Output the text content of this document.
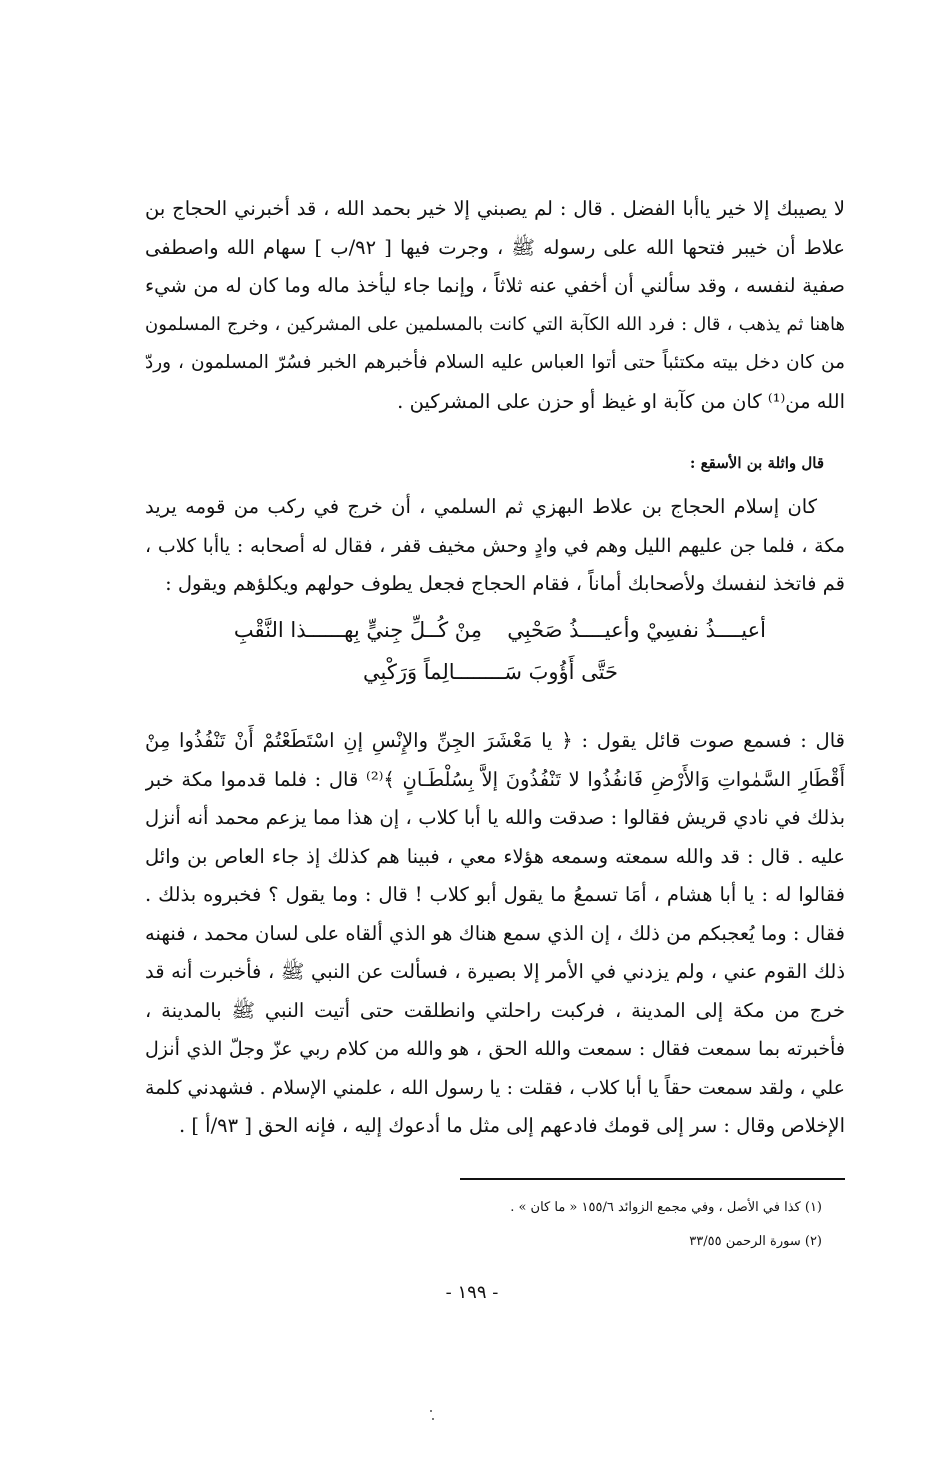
لا يصيبك إلا خير ياأبا الفضل . قال : لم يصبني إلا خير بحمد الله ، قد أخبرني الحجاج بن
علاط أن خيبر فتحها الله على رسوله ﷺ ، وجرت فيها [ ٩٢/ب ] سهام الله واصطفى
صفية لنفسه ، وقد سألني أن أخفي عنه ثلاثاً ، وإنما جاء ليأخذ ماله وما كان له من شيء
هاهنا ثم يذهب ، قال : فرد الله الكآبة التي كانت بالمسلمين على المشركين ، وخرج المسلمون
من كان دخل بيته مكتئباً حتى أتوا العباس عليه السلام فأخبرهم الخبر فسُرّ المسلمون ، وردّ
الله من⁽¹⁾ كان من كآبة او غيظ أو حزن على المشركين .
قال واثلة بن الأسقع :
كان إسلام الحجاج بن علاط البهزي ثم السلمي ، أن خرج في ركب من قومه يريد
مكة ، فلما جن عليهم الليل وهم في وادٍ وحش مخيف قفر ، فقال له أصحابه : ياأبا كلاب ،
قم فاتخذ لنفسك ولأصحابك أماناً ، فقام الحجاج فجعل يطوف حولهم ويكلؤهم ويقول :
أعيــــذُ نفسِيْ وأعيــــذُ صَحْبِي
مِنْ كُــلِّ جِنيٍّ بِهــــــذا النَّقْبِ
حَتَّى أَؤُوبَ سَــــــــالِماً وَرَكْبِي
قال : فسمع صوت قائل يقول : ﴿ يا مَعْشَرَ الجِنِّ والإِنْسِ إنِ اسْتَطَعْتُمْ أَنْ تَنْفُذُوا مِنْ
أَقْطَارِ السَّمٰواتِ وَالأَرْضِ فَانفُذُوا لا تَنْفُذُونَ إلاَّ بِسُلْطَـانٍ ﴾⁽²⁾ قال : فلما قدموا مكة خبر
بذلك في نادي قريش فقالوا : صدقت والله يا أبا كلاب ، إن هذا مما يزعم محمد أنه أنزل
عليه . قال : قد والله سمعته وسمعه هؤلاء معي ، فبينا هم كذلك إذ جاء العاص بن وائل
فقالوا له : يا أبا هشام ، أمَا تسمعُ ما يقول أبو كلاب ! قال : وما يقول ؟ فخبروه بذلك .
فقال : وما يُعجبكم من ذلك ، إن الذي سمع هناك هو الذي ألقاه على لسان محمد ، فنهنه
ذلك القوم عني ، ولم يزدني في الأمر إلا بصيرة ، فسألت عن النبي ﷺ ، فأخبرت أنه قد
خرج من مكة إلى المدينة ، فركبت راحلتي وانطلقت حتى أتيت النبي ﷺ بالمدينة ،
فأخبرته بما سمعت فقال : سمعت والله الحق ، هو والله من كلام ربي عزّ وجلّ الذي أنزل
علي ، ولقد سمعت حقاً يا أبا كلاب ، فقلت : يا رسول الله ، علمني الإسلام . فشهدني كلمة
الإخلاص وقال : سر إلى قومك فادعهم إلى مثل ما أدعوك إليه ، فإنه الحق [ ٩٣/أ ] .
(١) كذا في الأصل ، وفي مجمع الزوائد ١٥٥/٦ « ما كان » .
(٢) سورة الرحمن ٣٣/٥٥
- ١٩٩ -
